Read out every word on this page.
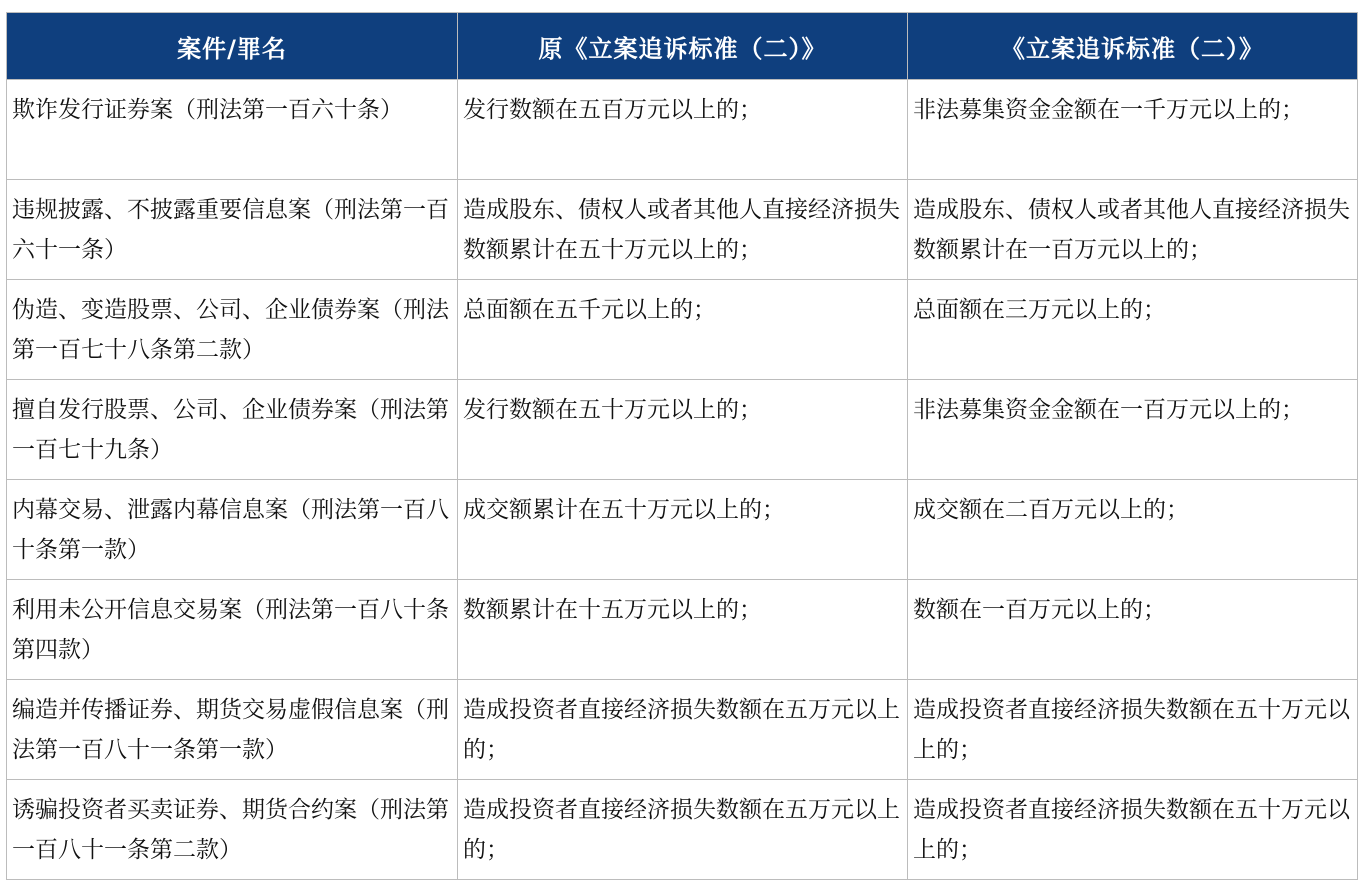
案件/罪名	原《立案追诉标准（二）》	《立案追诉标准（二）》
欺诈发行证券案（刑法第一百六十条）	发行数额在五百万元以上的；	非法募集资金金额在一千万元以上的；
违规披露、不披露重要信息案（刑法第一百六十一条）	造成股东、债权人或者其他人直接经济损失数额累计在五十万元以上的；	造成股东、债权人或者其他人直接经济损失数额累计在一百万元以上的；
伪造、变造股票、公司、企业债券案（刑法第一百七十八条第二款）	总面额在五千元以上的；	总面额在三万元以上的；
擅自发行股票、公司、企业债券案（刑法第一百七十九条）	发行数额在五十万元以上的；	非法募集资金金额在一百万元以上的；
内幕交易、泄露内幕信息案（刑法第一百八十条第一款）	成交额累计在五十万元以上的；	成交额在二百万元以上的；
利用未公开信息交易案（刑法第一百八十条第四款）	数额累计在十五万元以上的；	数额在一百万元以上的；
编造并传播证券、期货交易虚假信息案（刑法第一百八十一条第一款）	造成投资者直接经济损失数额在五万元以上的；	造成投资者直接经济损失数额在五十万元以上的；
诱骗投资者买卖证券、期货合约案（刑法第一百八十一条第二款）	造成投资者直接经济损失数额在五万元以上的；	造成投资者直接经济损失数额在五十万元以上的；
